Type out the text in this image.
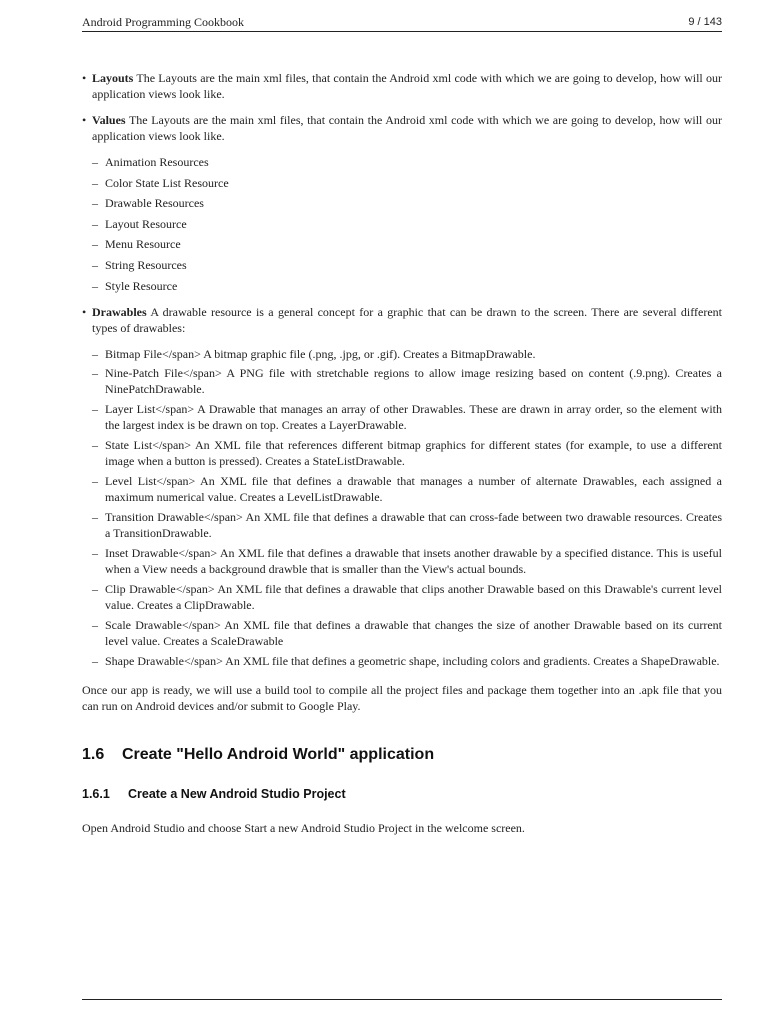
Android Programming Cookbook	9 / 143
• Layouts The Layouts are the main xml files, that contain the Android xml code with which we are going to develop, how will our application views look like.
• Values The Layouts are the main xml files, that contain the Android xml code with which we are going to develop, how will our application views look like.
– Animation Resources
– Color State List Resource
– Drawable Resources
– Layout Resource
– Menu Resource
– String Resources
– Style Resource
• Drawables A drawable resource is a general concept for a graphic that can be drawn to the screen. There are several different types of drawables:
– Bitmap File</span> A bitmap graphic file (.png, .jpg, or .gif). Creates a BitmapDrawable.
– Nine-Patch File</span> A PNG file with stretchable regions to allow image resizing based on content (.9.png). Creates a NinePatchDrawable.
– Layer List</span> A Drawable that manages an array of other Drawables. These are drawn in array order, so the element with the largest index is be drawn on top. Creates a LayerDrawable.
– State List</span> An XML file that references different bitmap graphics for different states (for example, to use a different image when a button is pressed). Creates a StateListDrawable.
– Level List</span> An XML file that defines a drawable that manages a number of alternate Drawables, each assigned a maximum numerical value. Creates a LevelListDrawable.
– Transition Drawable</span> An XML file that defines a drawable that can cross-fade between two drawable resources. Creates a TransitionDrawable.
– Inset Drawable</span> An XML file that defines a drawable that insets another drawable by a specified distance. This is useful when a View needs a background drawble that is smaller than the View's actual bounds.
– Clip Drawable</span> An XML file that defines a drawable that clips another Drawable based on this Drawable's current level value. Creates a ClipDrawable.
– Scale Drawable</span> An XML file that defines a drawable that changes the size of another Drawable based on its current level value. Creates a ScaleDrawable
– Shape Drawable</span> An XML file that defines a geometric shape, including colors and gradients. Creates a ShapeDrawable.

Once our app is ready, we will use a build tool to compile all the project files and package them together into an .apk file that you can run on Android devices and/or submit to Google Play.

1.6 Create "Hello Android World" application
1.6.1 Create a New Android Studio Project

Open Android Studio and choose Start a new Android Studio Project in the welcome screen.
